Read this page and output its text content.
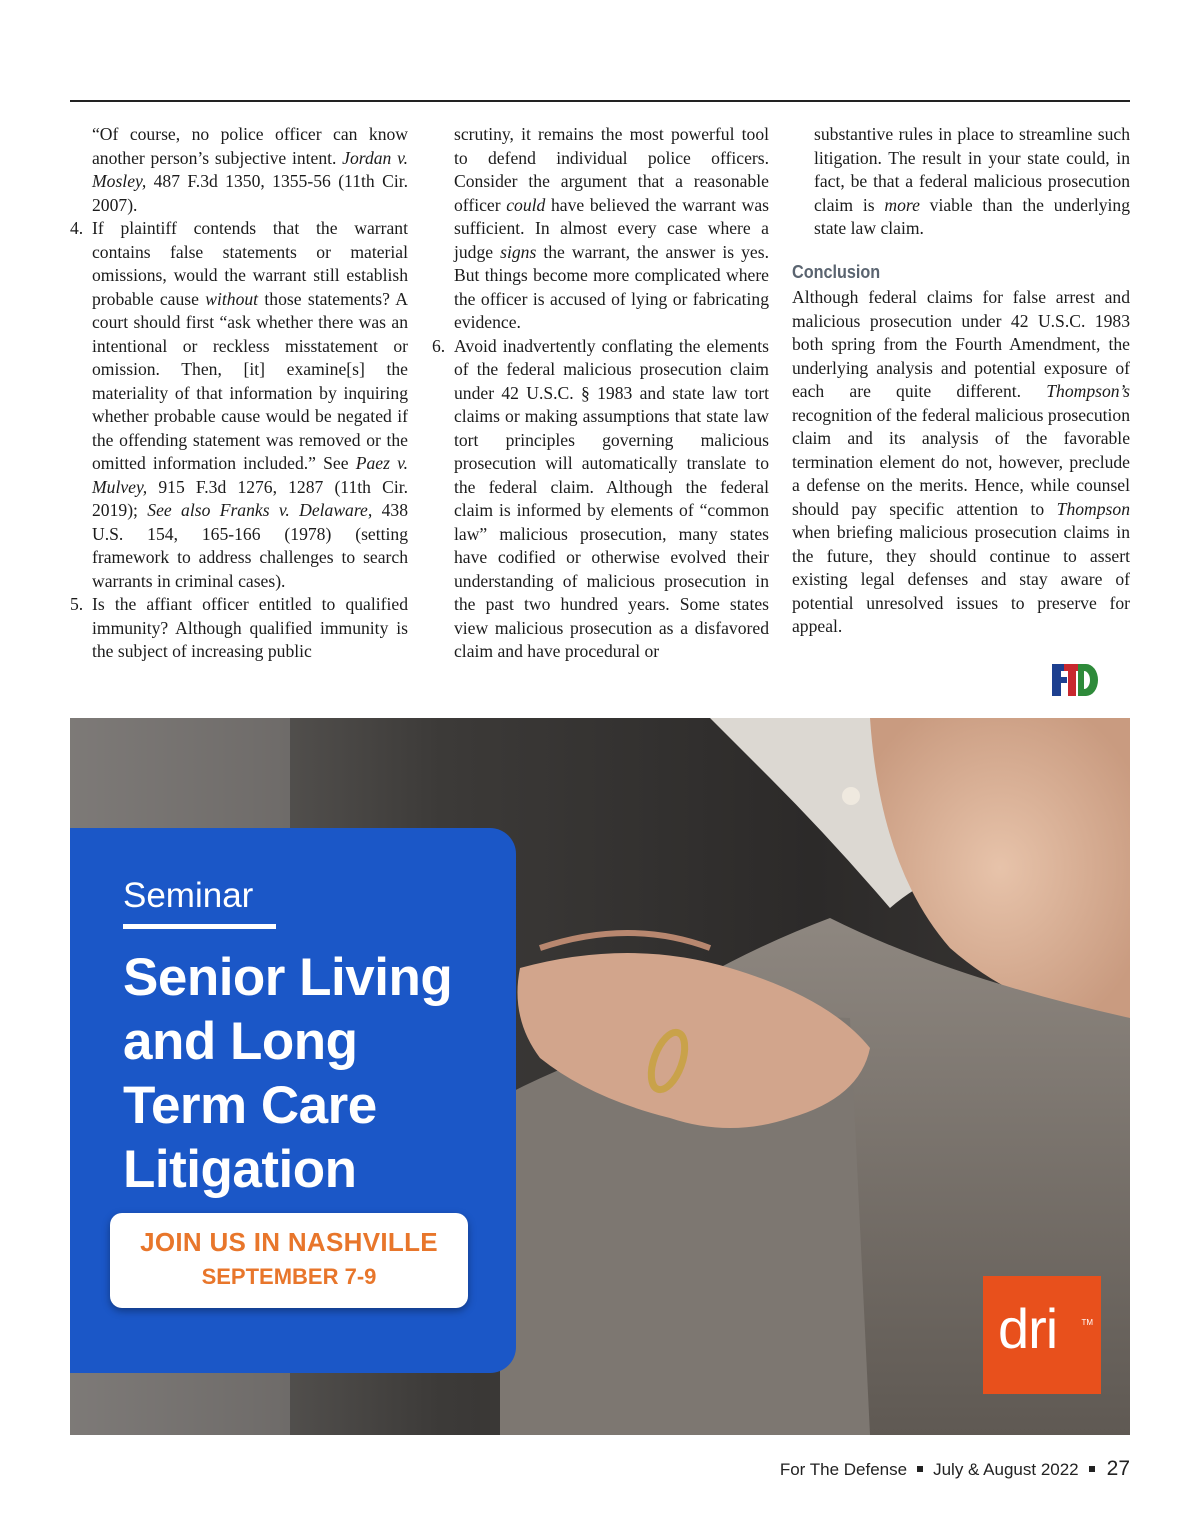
“Of course, no police officer can know another person’s subjective intent. Jordan v. Mosley, 487 F.3d 1350, 1355-56 (11th Cir. 2007).

4. If plaintiff contends that the warrant contains false statements or material omissions, would the warrant still establish probable cause without those statements? A court should first “ask whether there was an intentional or reckless misstatement or omission. Then, [it] examine[s] the materiality of that information by inquiring whether probable cause would be negated if the offending statement was removed or the omitted information included.” See Paez v. Mulvey, 915 F.3d 1276, 1287 (11th Cir. 2019); See also Franks v. Delaware, 438 U.S. 154, 165-166 (1978) (setting framework to address challenges to search warrants in criminal cases).

5. Is the affiant officer entitled to qualified immunity? Although qualified immunity is the subject of increasing public

scrutiny, it remains the most powerful tool to defend individual police officers. Consider the argument that a reasonable officer could have believed the warrant was sufficient. In almost every case where a judge signs the warrant, the answer is yes. But things become more complicated where the officer is accused of lying or fabricating evidence.

6. Avoid inadvertently conflating the elements of the federal malicious prosecution claim under 42 U.S.C. § 1983 and state law tort claims or making assumptions that state law tort principles governing malicious prosecution will automatically translate to the federal claim. Although the federal claim is informed by elements of “common law” malicious prosecution, many states have codified or otherwise evolved their understanding of malicious prosecution in the past two hundred years. Some states view malicious prosecution as a disfavored claim and have procedural or

substantive rules in place to streamline such litigation. The result in your state could, in fact, be that a federal malicious prosecution claim is more viable than the underlying state law claim.

Conclusion

Although federal claims for false arrest and malicious prosecution under 42 U.S.C. 1983 both spring from the Fourth Amendment, the underlying analysis and potential exposure of each are quite different. Thompson’s recognition of the federal malicious prosecution claim and its analysis of the favorable termination element do not, however, preclude a defense on the merits. Hence, while counsel should pay specific attention to Thompson when briefing malicious prosecution claims in the future, they should continue to assert existing legal defenses and stay aware of potential unresolved issues to preserve for appeal.

Seminar
Senior Living
and Long
Term Care
Litigation
JOIN US IN NASHVILLE
SEPTEMBER 7-9
dri	TM
For The Defense July & August 2022 27
